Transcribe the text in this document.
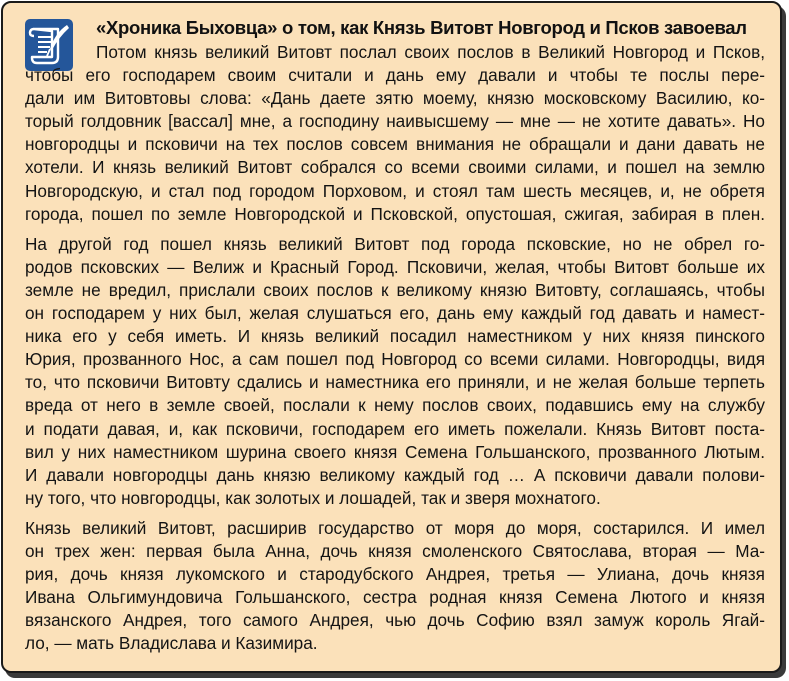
«Хроника Быховца» о том, как Князь Витовт Новгород и Псков завоевал

Потом князь великий Витовт послал своих послов в Великий Новгород и Псков,
чтобы его господарем своим считали и дань ему давали и чтобы те послы пере-
дали им Витовтовы слова: «Дань даете зятю моему, князю московскому Василию, ко-
торый голдовник [вассал] мне, а господину наивысшему — мне — не хотите давать». Но
новгородцы и псковичи на тех послов совсем внимания не обращали и дани давать не
хотели. И князь великий Витовт собрался со всеми своими силами, и пошел на землю
Новгородскую, и стал под городом Порховом, и стоял там шесть месяцев, и, не обретя
города, пошел по земле Новгородской и Псковской, опустошая, сжигая, забирая в плен.

На другой год пошел князь великий Витовт под города псковские, но не обрел го-
родов псковских — Велиж и Красный Город. Псковичи, желая, чтобы Витовт больше их
земле не вредил, прислали своих послов к великому князю Витовту, соглашаясь, чтобы
он господарем у них был, желая слушаться его, дань ему каждый год давать и намест-
ника его у себя иметь. И князь великий посадил наместником у них князя пинского
Юрия, прозванного Нос, а сам пошел под Новгород со всеми силами. Новгородцы, видя
то, что псковичи Витовту сдались и наместника его приняли, и не желая больше терпеть
вреда от него в земле своей, послали к нему послов своих, подавшись ему на службу
и подати давая, и, как псковичи, господарем его иметь пожелали. Князь Витовт поста-
вил у них наместником шурина своего князя Семена Гольшанского, прозванного Лютым.
И давали новгородцы дань князю великому каждый год … А псковичи давали полови-
ну того, что новгородцы, как золотых и лошадей, так и зверя мохнатого.

Князь великий Витовт, расширив государство от моря до моря, состарился. И имел
он трех жен: первая была Анна, дочь князя смоленского Святослава, вторая — Ма-
рия, дочь князя лукомского и стародубского Андрея, третья — Улиана, дочь князя
Ивана Ольгимундовича Гольшанского, сестра родная князя Семена Лютого и князя
вязанского Андрея, того самого Андрея, чью дочь Софию взял замуж король Ягай-
ло, — мать Владислава и Казимира.
